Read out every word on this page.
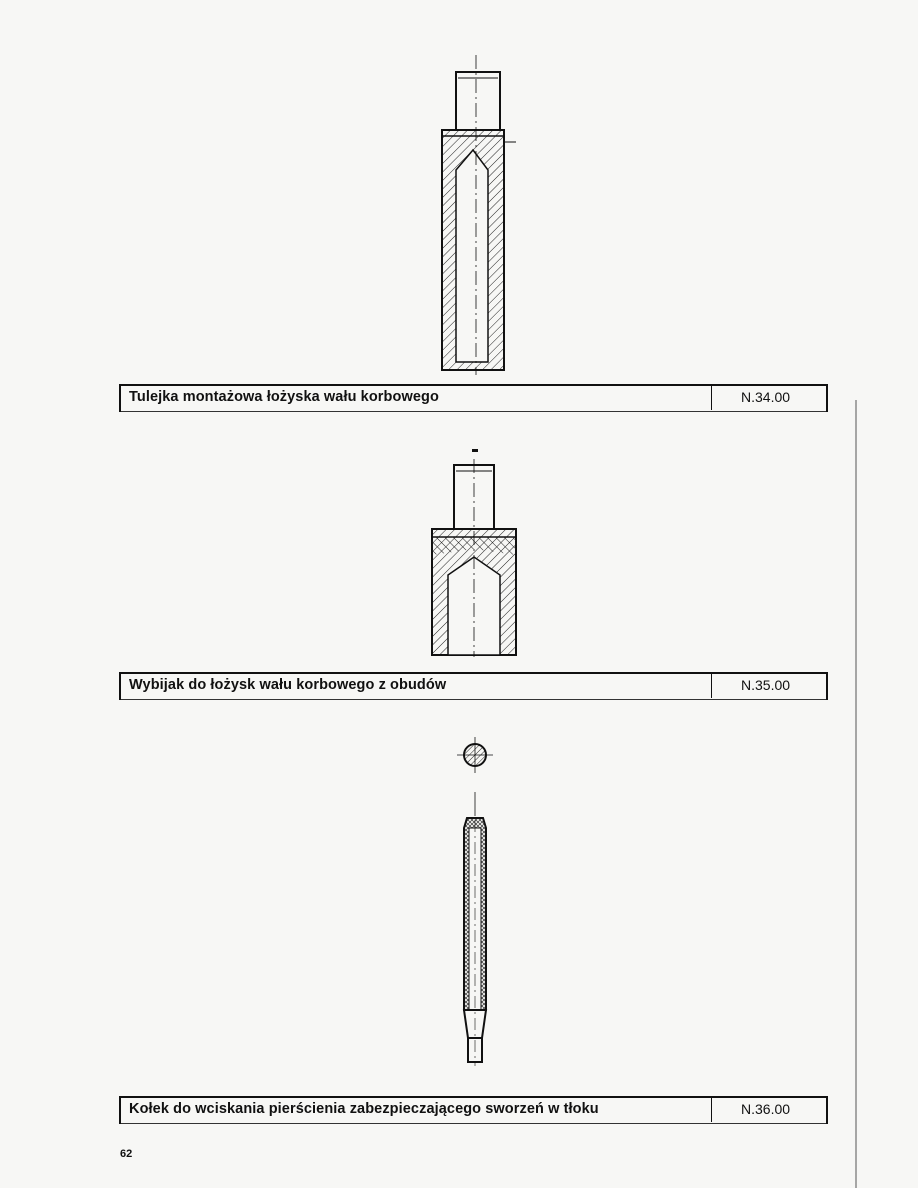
Tulejka montażowa łożyska wału korbowego	N.34.00
Wybijak do łożysk wału korbowego z obudów	N.35.00
Kołek do wciskania pierścienia zabezpieczającego sworzeń w tłoku	N.36.00
62
